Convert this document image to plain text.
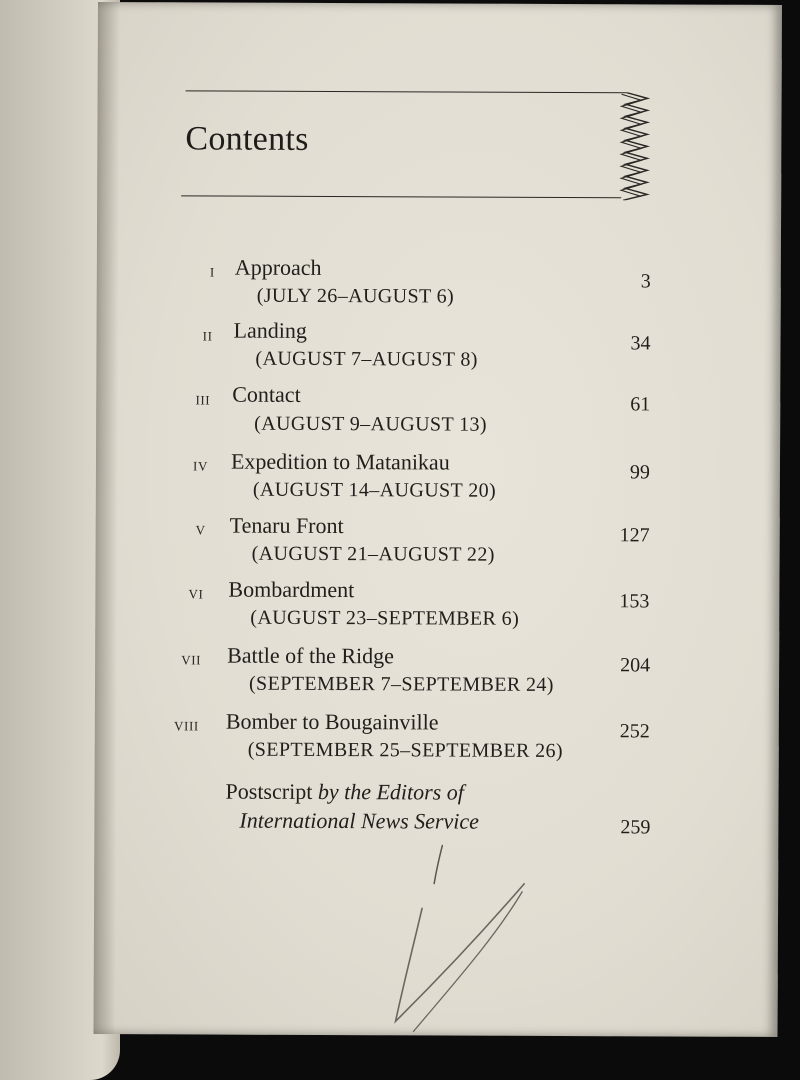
Contents
I Approach
(JULY 26–AUGUST 6)
3
II Landing
(AUGUST 7–AUGUST 8)
34
III Contact
(AUGUST 9–AUGUST 13)
61
IV Expedition to Matanikau
(AUGUST 14–AUGUST 20)
99
V Tenaru Front
(AUGUST 21–AUGUST 22)
127
VI Bombardment
(AUGUST 23–SEPTEMBER 6)
153
VII Battle of the Ridge
(SEPTEMBER 7–SEPTEMBER 24)
204
VIII Bomber to Bougainville
(SEPTEMBER 25–SEPTEMBER 26)
252
Postscript by the Editors of
International News Service	259
